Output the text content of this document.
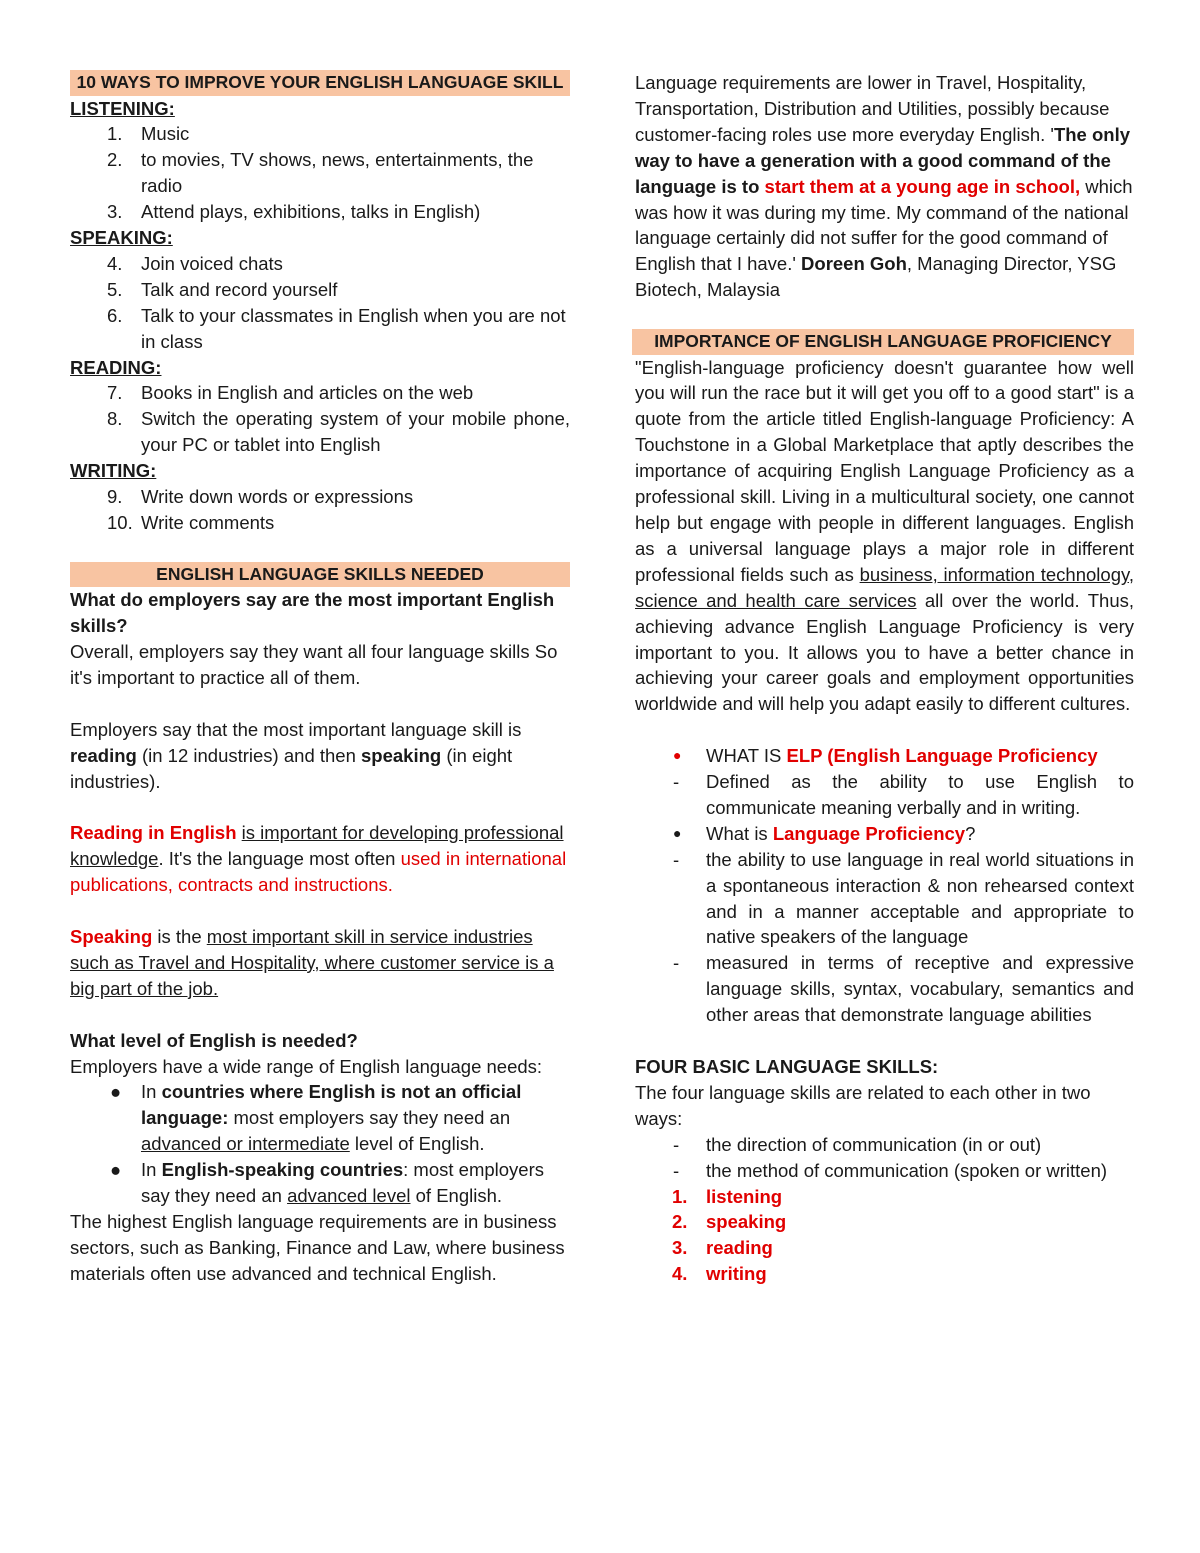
10 WAYS TO IMPROVE YOUR ENGLISH LANGUAGE SKILL
LISTENING:
1.	Music
2.	to movies, TV shows, news, entertainments, the radio
3.	Attend plays, exhibitions, talks in English)
SPEAKING:
4.	Join voiced chats
5.	Talk and record yourself
6.	Talk to your classmates in English when you are not in class
READING:
7.	Books in English and articles on the web
8.	Switch the operating system of your mobile phone, your PC or tablet into English
WRITING:
9.	Write down words or expressions
10. Write comments
ENGLISH LANGUAGE SKILLS NEEDED
What do employers say are the most important English skills?
Overall, employers say they want all four language skills So it's important to practice all of them.
Employers say that the most important language skill is reading (in 12 industries) and then speaking (in eight industries).
Reading in English is important for developing professional knowledge. It's the language most often used in international publications, contracts and instructions.
Speaking is the most important skill in service industries such as Travel and Hospitality, where customer service is a big part of the job.
What level of English is needed?
Employers have a wide range of English language needs:
● In countries where English is not an official language: most employers say they need an advanced or intermediate level of English.
● In English-speaking countries: most employers say they need an advanced level of English.
The highest English language requirements are in business sectors, such as Banking, Finance and Law, where business materials often use advanced and technical English.
Language requirements are lower in Travel, Hospitality, Transportation, Distribution and Utilities, possibly because customer-facing roles use more everyday English. 'The only way to have a generation with a good command of the language is to start them at a young age in school, which was how it was during my time. My command of the national language certainly did not suffer for the good command of English that I have.' Doreen Goh, Managing Director, YSG Biotech, Malaysia
IMPORTANCE OF ENGLISH LANGUAGE PROFICIENCY
"English-language proficiency doesn't guarantee how well you will run the race but it will get you off to a good start" is a quote from the article titled English-language Proficiency: A Touchstone in a Global Marketplace that aptly describes the importance of acquiring English Language Proficiency as a professional skill. Living in a multicultural society, one cannot help but engage with people in different languages. English as a universal language plays a major role in different professional fields such as business, information technology, science and health care services all over the world. Thus, achieving advance English Language Proficiency is very important to you. It allows you to have a better chance in achieving your career goals and employment opportunities worldwide and will help you adapt easily to different cultures.
● WHAT IS ELP (English Language Proficiency
- Defined as the ability to use English to communicate meaning verbally and in writing.
● What is Language Proficiency?
- the ability to use language in real world situations in a spontaneous interaction & non rehearsed context and in a manner acceptable and appropriate to native speakers of the language
- measured in terms of receptive and expressive language skills, syntax, vocabulary, semantics and other areas that demonstrate language abilities
FOUR BASIC LANGUAGE SKILLS:
The four language skills are related to each other in two ways:
- the direction of communication (in or out)
- the method of communication (spoken or written)
1.	listening
2.	speaking
3.	reading
4.	writing
